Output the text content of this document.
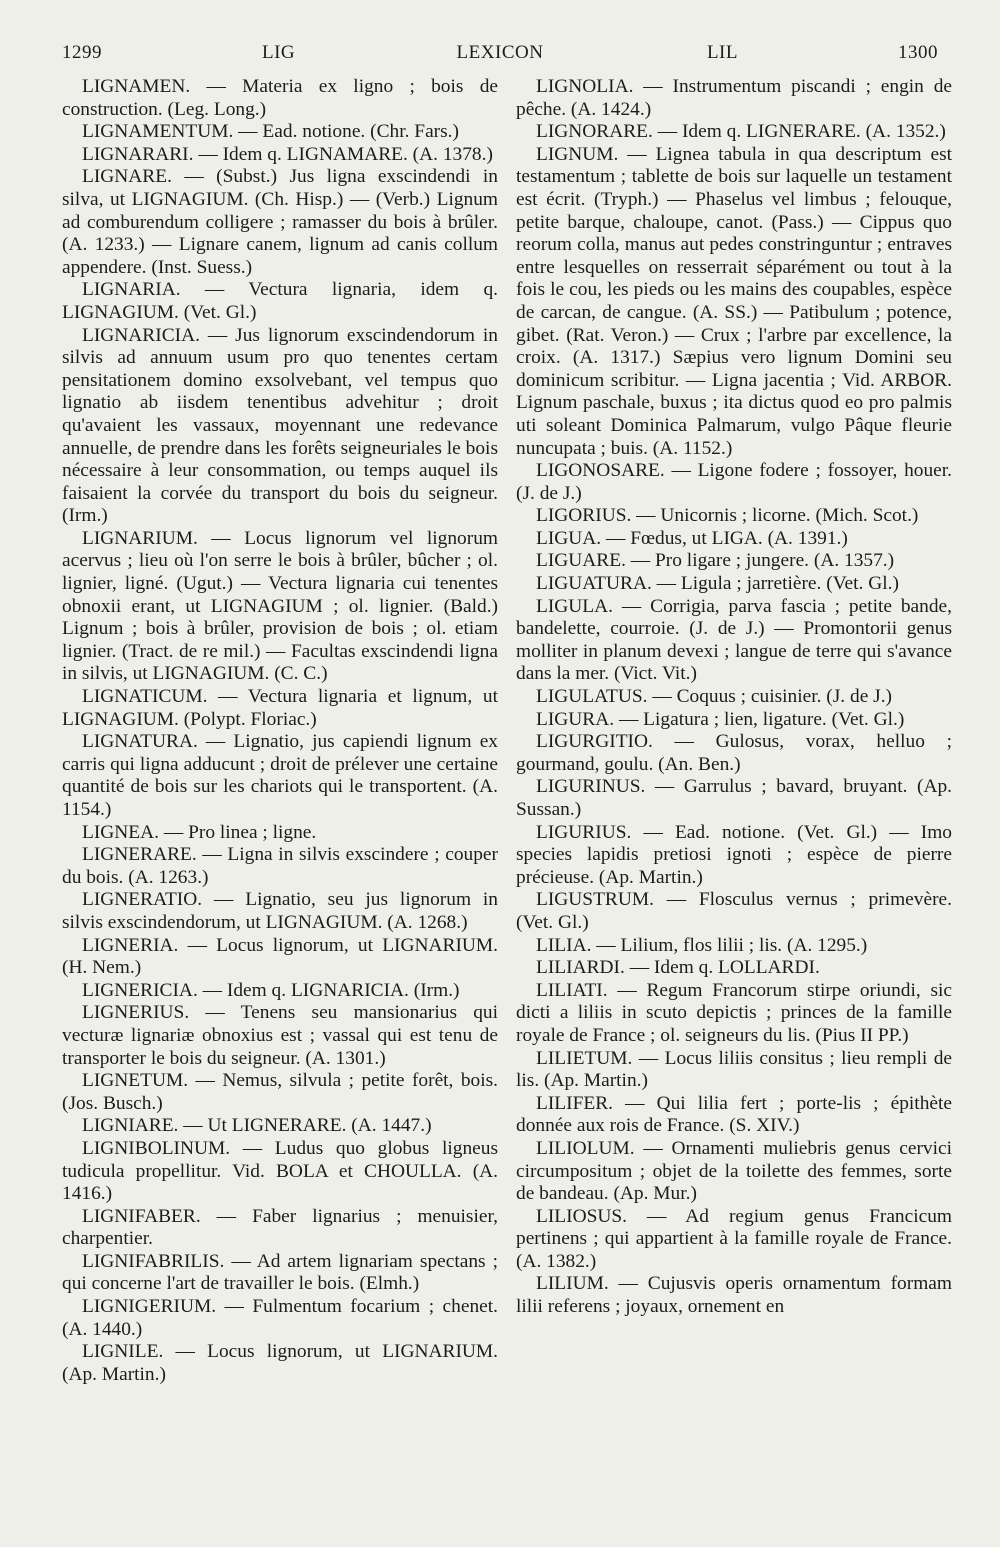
1299	LIG	LEXICON	LIL	1300

LIGNAMEN. — Materia ex ligno ; bois de construction. (Leg. Long.)

LIGNAMENTUM. — Ead. notione. (Chr. Fars.)

LIGNARARI. — Idem q. LIGNAMARE. (A. 1378.)

LIGNARE. — (Subst.) Jus ligna exscindendi in silva, ut LIGNAGIUM. (Ch. Hisp.) — (Verb.) Lignum ad comburendum colligere ; ramasser du bois à brûler. (A. 1233.) — Lignare canem, lignum ad canis collum appendere. (Inst. Suess.)

LIGNARIA. — Vectura lignaria, idem q. LIGNAGIUM. (Vet. Gl.)

LIGNARICIA. — Jus lignorum exscindendorum in silvis ad annuum usum pro quo tenentes certam pensitationem domino exsolvebant, vel tempus quo lignatio ab iisdem tenentibus advehitur ; droit qu'avaient les vassaux, moyennant une redevance annuelle, de prendre dans les forêts seigneuriales le bois nécessaire à leur consommation, ou temps auquel ils faisaient la corvée du transport du bois du seigneur. (Irm.)

LIGNARIUM. — Locus lignorum vel lignorum acervus ; lieu où l'on serre le bois à brûler, bûcher ; ol. lignier, ligné. (Ugut.) — Vectura lignaria cui tenentes obnoxii erant, ut LIGNAGIUM ; ol. lignier. (Bald.) Lignum ; bois à brûler, provision de bois ; ol. etiam lignier. (Tract. de re mil.) — Facultas exscindendi ligna in silvis, ut LIGNAGIUM. (C. C.)

LIGNATICUM. — Vectura lignaria et lignum, ut LIGNAGIUM. (Polypt. Floriac.)

LIGNATURA. — Lignatio, jus capiendi lignum ex carris qui ligna adducunt ; droit de prélever une certaine quantité de bois sur les chariots qui le transportent. (A. 1154.)

LIGNEA. — Pro linea ; ligne.

LIGNERARE. — Ligna in silvis exscindere ; couper du bois. (A. 1263.)

LIGNERATIO. — Lignatio, seu jus lignorum in silvis exscindendorum, ut LIGNAGIUM. (A. 1268.)

LIGNERIA. — Locus lignorum, ut LIGNARIUM. (H. Nem.)

LIGNERICIA. — Idem q. LIGNARICIA. (Irm.)

LIGNERIUS. — Tenens seu mansionarius qui vecturæ lignariæ obnoxius est ; vassal qui est tenu de transporter le bois du seigneur. (A. 1301.)

LIGNETUM. — Nemus, silvula ; petite forêt, bois. (Jos. Busch.)

LIGNIARE. — Ut LIGNERARE. (A. 1447.)

LIGNIBOLINUM. — Ludus quo globus ligneus tudicula propellitur. Vid. BOLA et CHOULLA. (A. 1416.)

LIGNIFABER. — Faber lignarius ; menuisier, charpentier.

LIGNIFABRILIS. — Ad artem lignariam spectans ; qui concerne l'art de travailler le bois. (Elmh.)

LIGNIGERIUM. — Fulmentum focarium ; chenet. (A. 1440.)

LIGNILE. — Locus lignorum, ut LIGNARIUM. (Ap. Martin.)

LIGNOLIA. — Instrumentum piscandi ; engin de pêche. (A. 1424.)

LIGNORARE. — Idem q. LIGNERARE. (A. 1352.)

LIGNUM. — Lignea tabula in qua descriptum est testamentum ; tablette de bois sur laquelle un testament est écrit. (Tryph.) — Phaselus vel limbus ; felouque, petite barque, chaloupe, canot. (Pass.) — Cippus quo reorum colla, manus aut pedes constringuntur ; entraves entre lesquelles on resserrait séparément ou tout à la fois le cou, les pieds ou les mains des coupables, espèce de carcan, de cangue. (A. SS.) — Patibulum ; potence, gibet. (Rat. Veron.) — Crux ; l'arbre par excellence, la croix. (A. 1317.) Sæpius vero lignum Domini seu dominicum scribitur. — Ligna jacentia ; Vid. ARBOR. Lignum paschale, buxus ; ita dictus quod eo pro palmis uti soleant Dominica Palmarum, vulgo Pâque fleurie nuncupata ; buis. (A. 1152.)

LIGONOSARE. — Ligone fodere ; fossoyer, houer. (J. de J.)

LIGORIUS. — Unicornis ; licorne. (Mich. Scot.)

LIGUA. — Fœdus, ut LIGA. (A. 1391.)

LIGUARE. — Pro ligare ; jungere. (A. 1357.)

LIGUATURA. — Ligula ; jarretière. (Vet. Gl.)

LIGULA. — Corrigia, parva fascia ; petite bande, bandelette, courroie. (J. de J.) — Promontorii genus molliter in planum devexi ; langue de terre qui s'avance dans la mer. (Vict. Vit.)

LIGULATUS. — Coquus ; cuisinier. (J. de J.)

LIGURA. — Ligatura ; lien, ligature. (Vet. Gl.)

LIGURGITIO. — Gulosus, vorax, helluo ; gourmand, goulu. (An. Ben.)

LIGURINUS. — Garrulus ; bavard, bruyant. (Ap. Sussan.)

LIGURIUS. — Ead. notione. (Vet. Gl.) — Imo species lapidis pretiosi ignoti ; espèce de pierre précieuse. (Ap. Martin.)

LIGUSTRUM. — Flosculus vernus ; primevère. (Vet. Gl.)

LILIA. — Lilium, flos lilii ; lis. (A. 1295.)

LILIARDI. — Idem q. LOLLARDI.

LILIATI. — Regum Francorum stirpe oriundi, sic dicti a liliis in scuto depictis ; princes de la famille royale de France ; ol. seigneurs du lis. (Pius II PP.)

LILIETUM. — Locus liliis consitus ; lieu rempli de lis. (Ap. Martin.)

LILIFER. — Qui lilia fert ; porte-lis ; épithète donnée aux rois de France. (S. XIV.)

LILIOLUM. — Ornamenti muliebris genus cervici circumpositum ; objet de la toilette des femmes, sorte de bandeau. (Ap. Mur.)

LILIOSUS. — Ad regium genus Francicum pertinens ; qui appartient à la famille royale de France. (A. 1382.)

LILIUM. — Cujusvis operis ornamentum formam lilii referens ; joyaux, ornement en
